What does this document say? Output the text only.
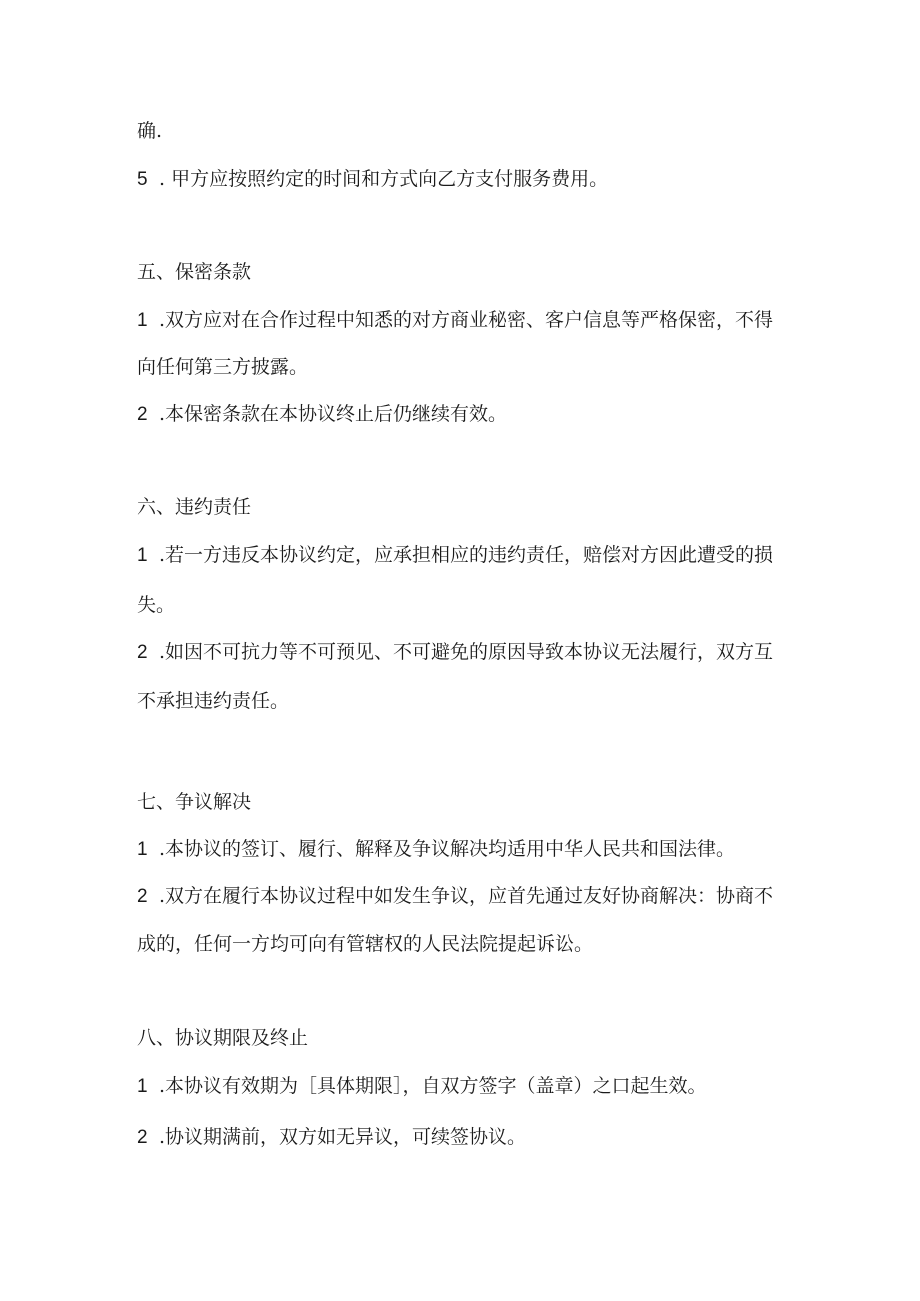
确.
5 . 甲方应按照约定的时间和方式向乙方支付服务费用。
五、保密条款
1 .双方应对在合作过程中知悉的对方商业秘密、客户信息等严格保密，不得
向任何第三方披露。
2 .本保密条款在本协议终止后仍继续有效。
六、违约责任
1 .若一方违反本协议约定，应承担相应的违约责任，赔偿对方因此遭受的损
失。
2 .如因不可抗力等不可预见、不可避免的原因导致本协议无法履行，双方互
不承担违约责任。
七、争议解决
1 .本协议的签订、履行、解释及争议解决均适用中华人民共和国法律。
2 .双方在履行本协议过程中如发生争议，应首先通过友好协商解决：协商不
成的，任何一方均可向有管辖权的人民法院提起诉讼。
八、协议期限及终止
1 .本协议有效期为［具体期限］，自双方签字（盖章）之口起生效。
2 .协议期满前，双方如无异议，可续签协议。
